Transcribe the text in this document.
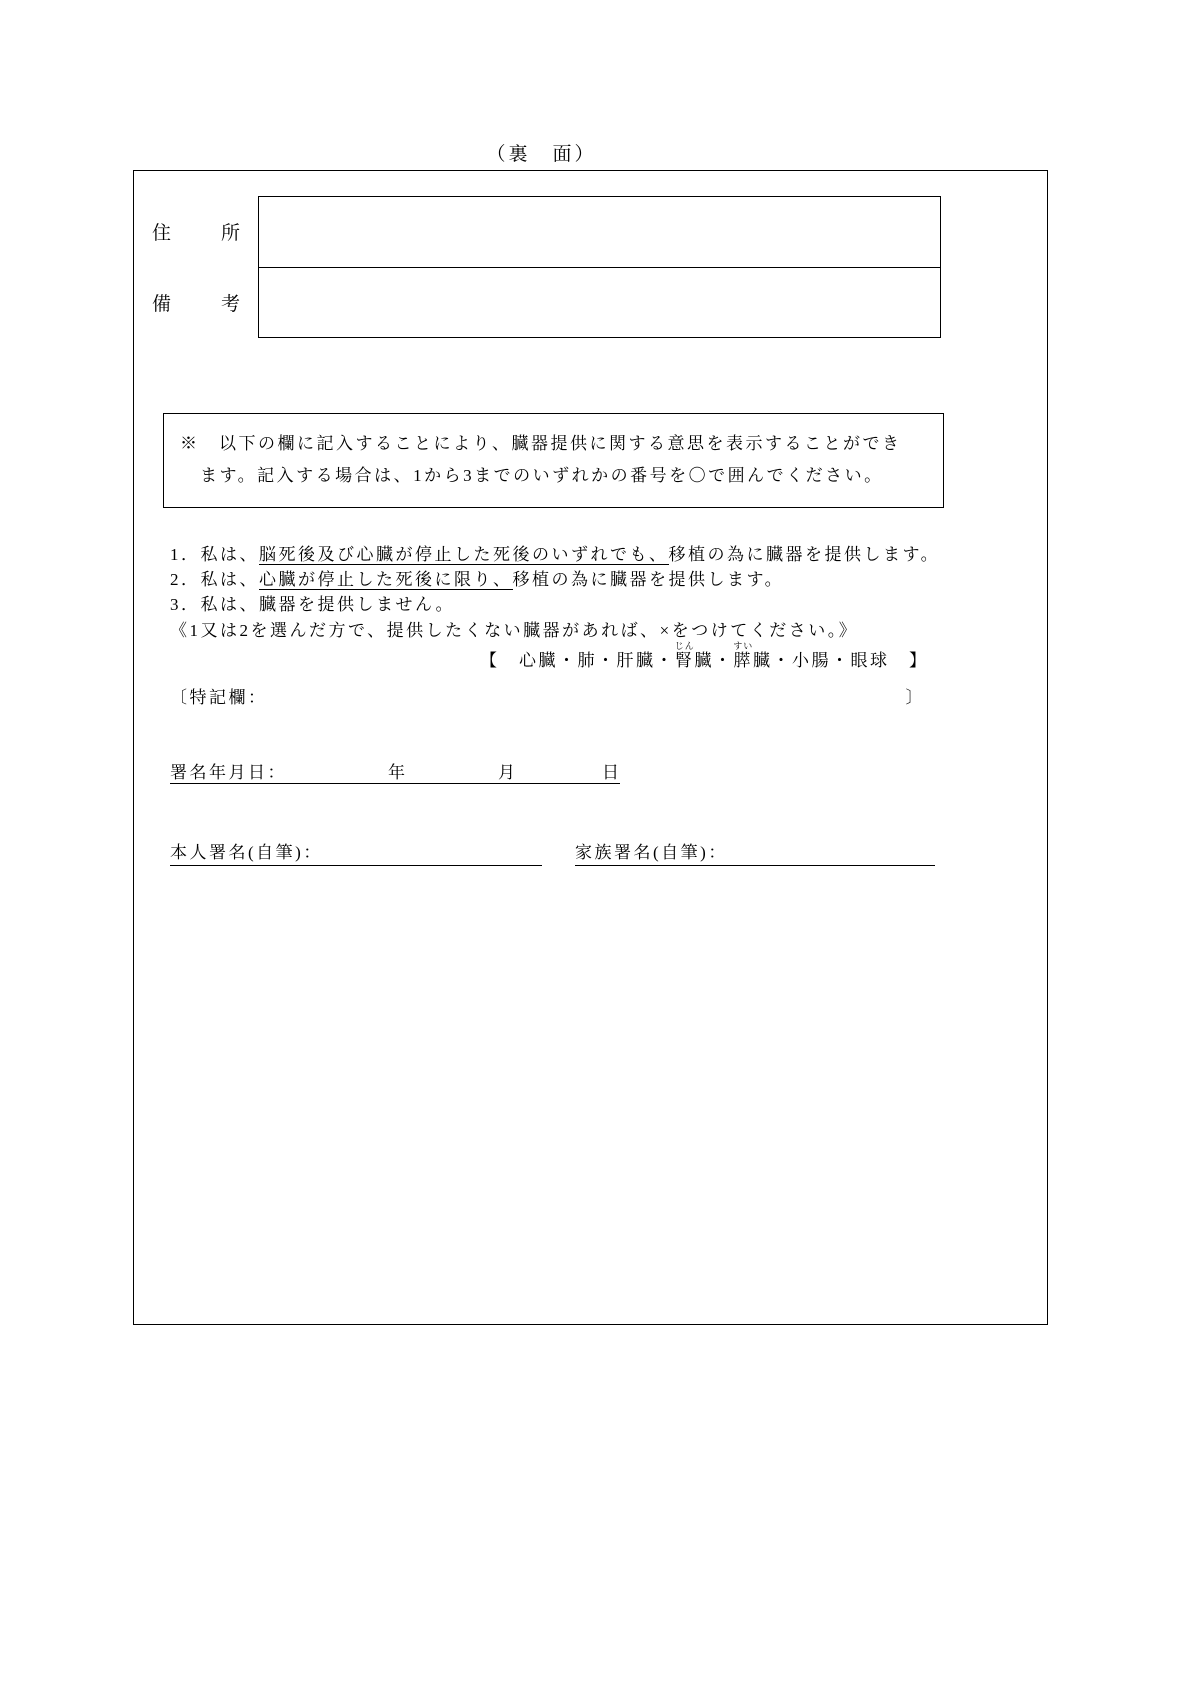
（裏　面）
住	所
備	考
※　以下の欄に記入することにより、臓器提供に関する意思を表示することができ
ます。記入する場合は、1から3までのいずれかの番号を〇で囲んでください。
1．私は、脳死後及び心臓が停止した死後のいずれでも、移植の為に臓器を提供します。
2．私は、心臓が停止した死後に限り、移植の為に臓器を提供します。
3．私は、臓器を提供しません。
《1又は2を選んだ方で、提供したくない臓器があれば、×をつけてください。》
【　心臓・肺・肝臓・腎じん臓・膵すい臓・小腸・眼球　】
〔特記欄：	〕
署名年月日：	年	月	日
本人署名(自筆)：	家族署名(自筆)：
